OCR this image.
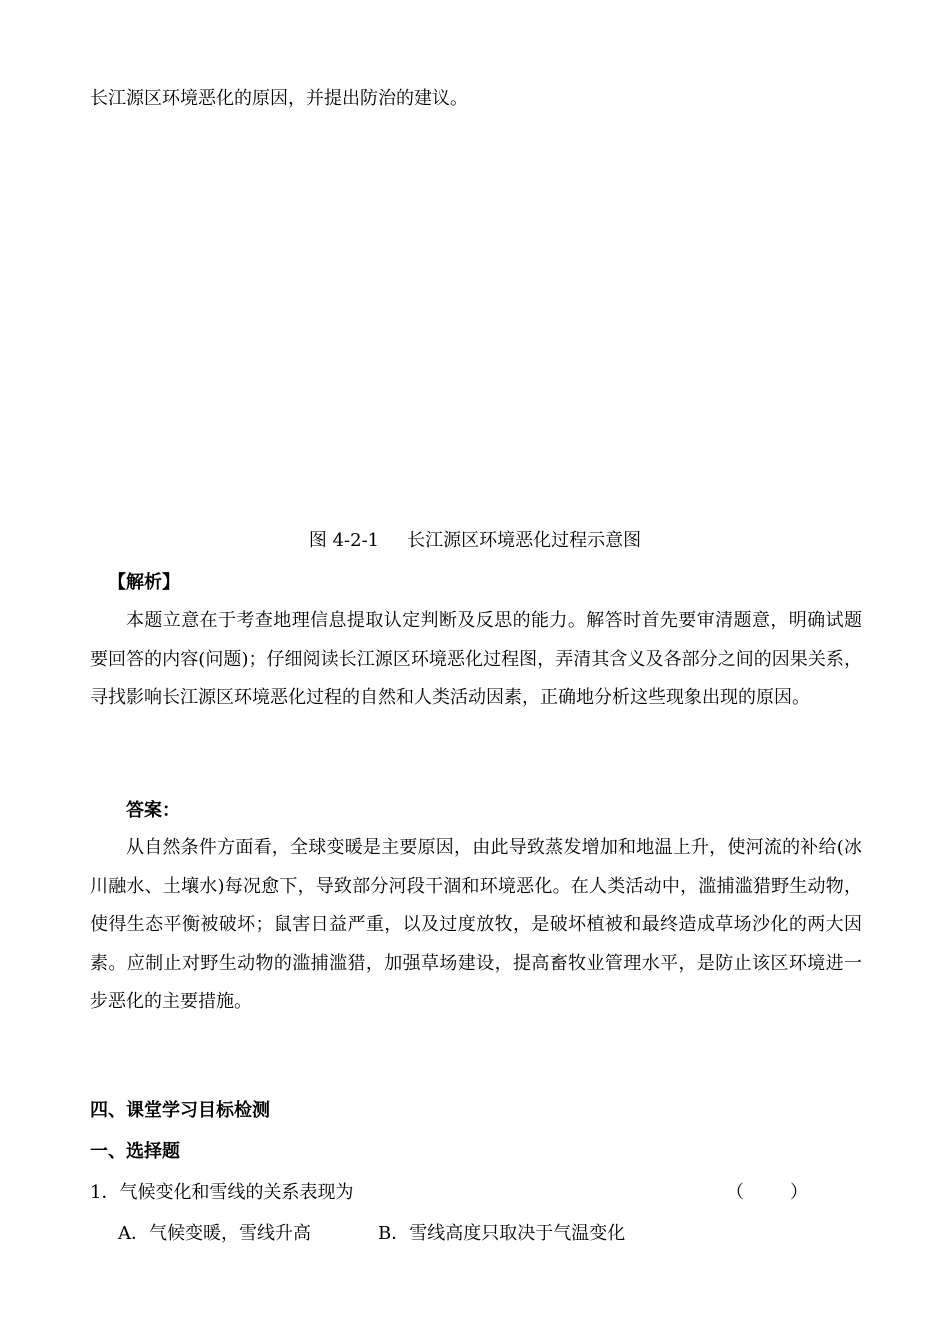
长江源区环境恶化的原因，并提出防治的建议。
图 4-2-1 长江源区环境恶化过程示意图
【解析】
本题立意在于考查地理信息提取认定判断及反思的能力。解答时首先要审清题意，明确试题要回答的内容(问题)；仔细阅读长江源区环境恶化过程图，弄清其含义及各部分之间的因果关系，寻找影响长江源区环境恶化过程的自然和人类活动因素，正确地分析这些现象出现的原因。
答案：
从自然条件方面看，全球变暖是主要原因，由此导致蒸发增加和地温上升，使河流的补给(冰川融水、土壤水)每况愈下，导致部分河段干涸和环境恶化。在人类活动中，滥捕滥猎野生动物，使得生态平衡被破坏；鼠害日益严重，以及过度放牧，是破坏植被和最终造成草场沙化的两大因素。应制止对野生动物的滥捕滥猎，加强草场建设，提高畜牧业管理水平，是防止该区环境进一步恶化的主要措施。
四、课堂学习目标检测
一、选择题
1．气候变化和雪线的关系表现为	（	）
A．气候变暖，雪线升高	B．雪线高度只取决于气温变化
